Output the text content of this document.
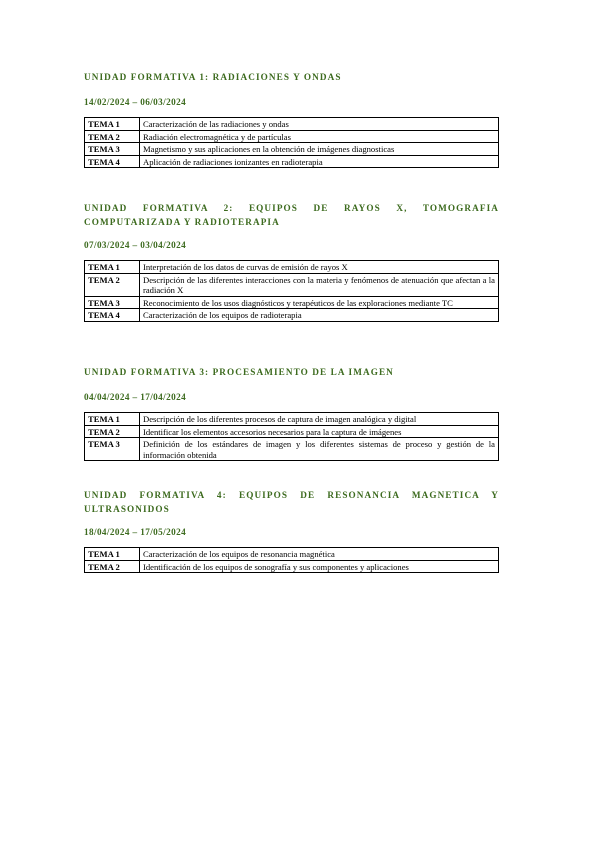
UNIDAD FORMATIVA 1: RADIACIONES Y ONDAS

14/02/2024 – 06/03/2024

TEMA 1	Caracterización de las radiaciones y ondas
TEMA 2	Radiación electromagnética y de partículas
TEMA 3	Magnetismo y sus aplicaciones en la obtención de imágenes diagnosticas
TEMA 4	Aplicación de radiaciones ionizantes en radioterapia

UNIDAD FORMATIVA 2: EQUIPOS DE RAYOS X, TOMOGRAFIA COMPUTARIZADA Y RADIOTERAPIA

07/03/2024 – 03/04/2024

TEMA 1	Interpretación de los datos de curvas de emisión de rayos X
TEMA 2	Descripción de las diferentes interacciones con la materia y fenómenos de atenuación que afectan a la radiación X
TEMA 3	Reconocimiento de los usos diagnósticos y terapéuticos de las exploraciones mediante TC
TEMA 4	Caracterización de los equipos de radioterapia

UNIDAD FORMATIVA 3: PROCESAMIENTO DE LA IMAGEN

04/04/2024 – 17/04/2024

TEMA 1	Descripción de los diferentes procesos de captura de imagen analógica y digital
TEMA 2	Identificar los elementos accesorios necesarios para la captura de imágenes
TEMA 3	Definición de los estándares de imagen y los diferentes sistemas de proceso y gestión de la información obtenida

UNIDAD FORMATIVA 4: EQUIPOS DE RESONANCIA MAGNETICA Y ULTRASONIDOS

18/04/2024 – 17/05/2024

TEMA 1	Caracterización de los equipos de resonancia magnética
TEMA 2	Identificación de los equipos de sonografía y sus componentes y aplicaciones
